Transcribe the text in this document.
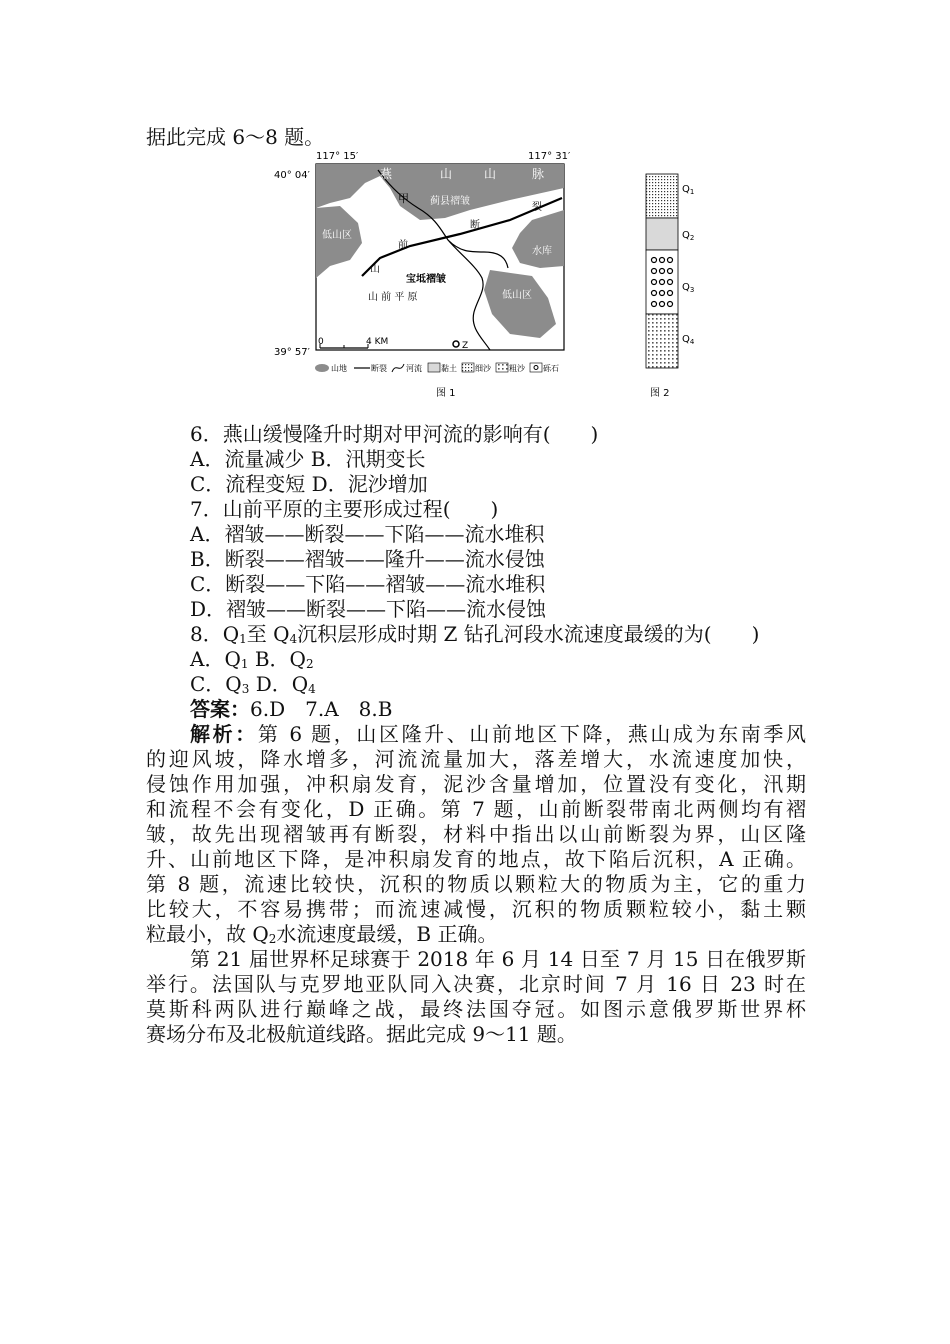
据此完成 6～8 题。
117° 15′	117° 31′
40° 04′
39° 57′
燕	山	山	脉
甲 蓟县褶皱
低山区
山
前
断
裂
水库
宝坻褶皱
山 前 平 原	低山区
0	4 KM	Z
山地	断裂 河流 黏土 细沙 粗沙 砾石
图 1
$Q_1$
$Q_2$
$Q_3$
$Q_4$
图 2
6．燕山缓慢隆升时期对甲河流的影响有(　　)
A．流量减少 B．汛期变长
C．流程变短 D．泥沙增加
7．山前平原的主要形成过程(　　)
A．褶皱——断裂——下陷——流水堆积
B．断裂——褶皱——隆升——流水侵蚀
C．断裂——下陷——褶皱——流水堆积
D．褶皱——断裂——下陷——流水侵蚀
8．$Q_1$至 $Q_4$沉积层形成时期 Z 钻孔河段水流速度最缓的为(　　)
A．$Q_1$ B．$Q_2$
C．$Q_3$ D．$Q_4$
答案：6.D　7.A　8.B
解析：第 6 题，山区隆升、山前地区下降，燕山成为东南季风
的迎风坡，降水增多，河流流量加大，落差增大，水流速度加快，
侵蚀作用加强，冲积扇发育，泥沙含量增加，位置没有变化，汛期
和流程不会有变化，D 正确。第 7 题，山前断裂带南北两侧均有褶
皱，故先出现褶皱再有断裂，材料中指出以山前断裂为界，山区隆
升、山前地区下降，是冲积扇发育的地点，故下陷后沉积，A 正确。
第 8 题，流速比较快，沉积的物质以颗粒大的物质为主，它的重力
比较大，不容易携带；而流速减慢，沉积的物质颗粒较小，黏土颗
粒最小，故 $Q_2$水流速度最缓，B 正确。
第 21 届世界杯足球赛于 2018 年 6 月 14 日至 7 月 15 日在俄罗斯
举行。法国队与克罗地亚队同入决赛，北京时间 7 月 16 日 23 时在
莫斯科两队进行巅峰之战，最终法国夺冠。如图示意俄罗斯世界杯
赛场分布及北极航道线路。据此完成 9～11 题。
